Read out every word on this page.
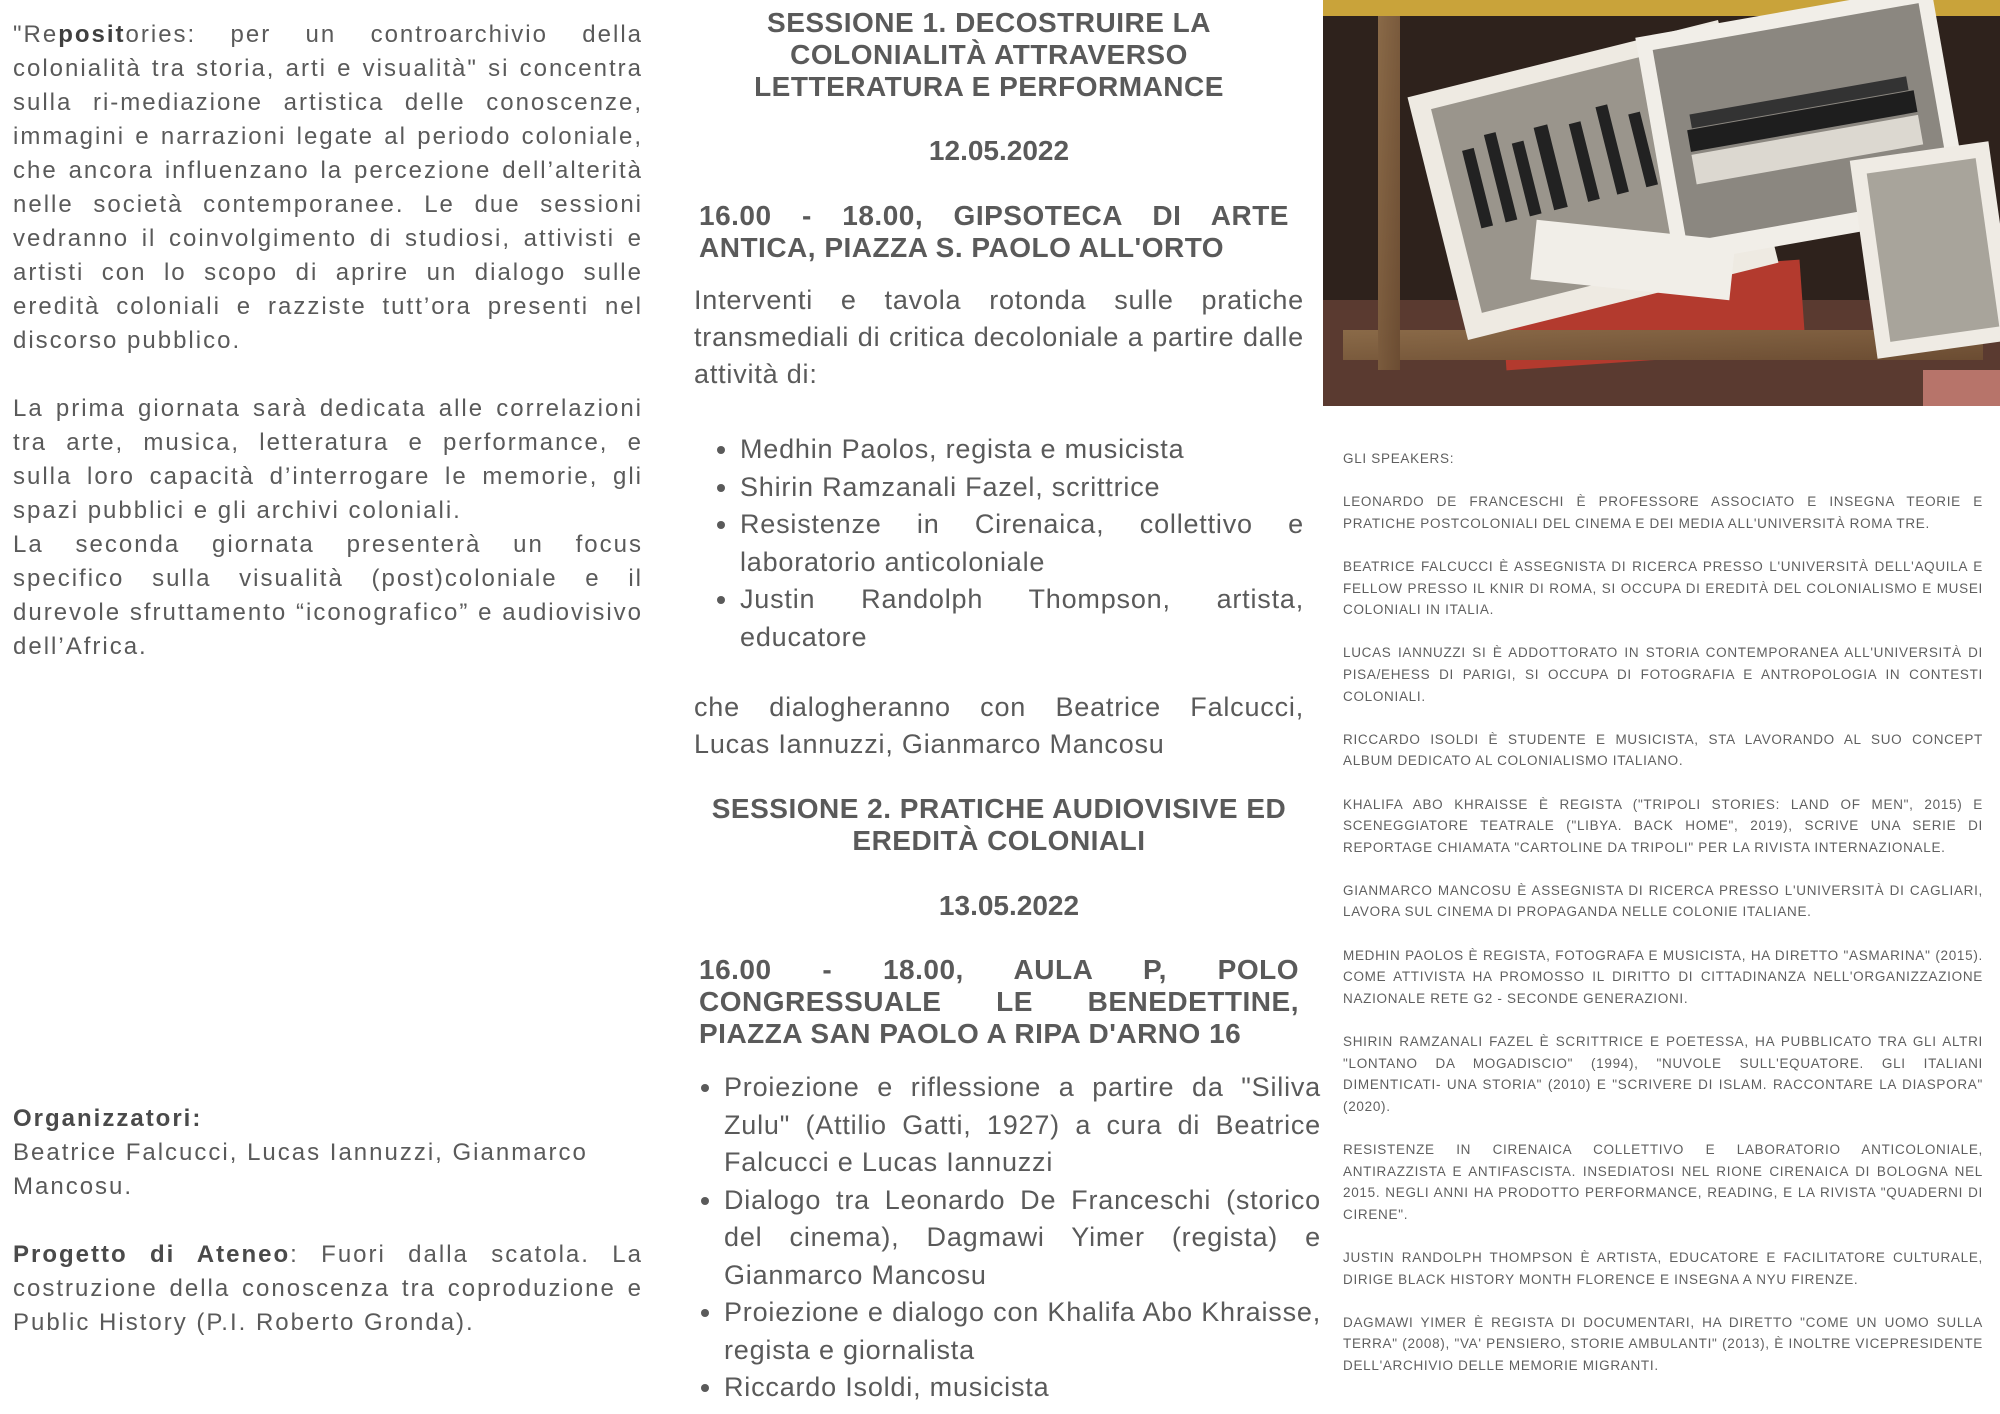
"Repositories: per un controarchivio della colonialità tra storia, arti e visualità" si concentra sulla ri-mediazione artistica delle conoscenze, immagini e narrazioni legate al periodo coloniale, che ancora influenzano la percezione dell’alterità nelle società contemporanee. Le due sessioni vedranno il coinvolgimento di studiosi, attivisti e artisti con lo scopo di aprire un dialogo sulle eredità coloniali e razziste tutt’ora presenti nel discorso pubblico.

La prima giornata sarà dedicata alle correlazioni tra arte, musica, letteratura e performance, e sulla loro capacità d’interrogare le memorie, gli spazi pubblici e gli archivi coloniali.

La seconda giornata presenterà un focus specifico sulla visualità (post)coloniale e il durevole sfruttamento “iconografico” e audiovisivo dell’Africa.

Organizzatori:
Beatrice Falcucci, Lucas Iannuzzi, Gianmarco Mancosu.
Progetto di Ateneo: Fuori dalla scatola. La costruzione della conoscenza tra coproduzione e Public History (P.I. Roberto Gronda).

SESSIONE 1. DECOSTRUIRE LA COLONIALITÀ ATTRAVERSO LETTERATURA E PERFORMANCE

12.05.2022

16.00 - 18.00, GIPSOTECA DI ARTE ANTICA, PIAZZA S. PAOLO ALL'ORTO

Interventi e tavola rotonda sulle pratiche transmediali di critica decoloniale a partire dalle attività di:

• Medhin Paolos, regista e musicista
• Shirin Ramzanali Fazel, scrittrice
• Resistenze in Cirenaica, collettivo e laboratorio anticoloniale
• Justin Randolph Thompson, artista, educatore

che dialogheranno con Beatrice Falcucci, Lucas Iannuzzi, Gianmarco Mancosu

SESSIONE 2. PRATICHE AUDIOVISIVE ED EREDITÀ COLONIALI

13.05.2022

16.00 - 18.00, AULA P, POLO CONGRESSUALE LE BENEDETTINE, PIAZZA SAN PAOLO A RIPA D'ARNO 16

• Proiezione e riflessione a partire da "Siliva Zulu" (Attilio Gatti, 1927) a cura di Beatrice Falcucci e Lucas Iannuzzi
• Dialogo tra Leonardo De Franceschi (storico del cinema), Dagmawi Yimer (regista) e Gianmarco Mancosu
• Proiezione e dialogo con Khalifa Abo Khraisse, regista e giornalista
• Riccardo Isoldi, musicista

GLI SPEAKERS:

LEONARDO DE FRANCESCHI È PROFESSORE ASSOCIATO E INSEGNA TEORIE E PRATICHE POSTCOLONIALI DEL CINEMA E DEI MEDIA ALL'UNIVERSITÀ ROMA TRE.

BEATRICE FALCUCCI È ASSEGNISTA DI RICERCA PRESSO L'UNIVERSITÀ DELL'AQUILA E FELLOW PRESSO IL KNIR DI ROMA, SI OCCUPA DI EREDITÀ DEL COLONIALISMO E MUSEI COLONIALI IN ITALIA.

LUCAS IANNUZZI SI È ADDOTTORATO IN STORIA CONTEMPORANEA ALL'UNIVERSITÀ DI PISA/EHESS DI PARIGI, SI OCCUPA DI FOTOGRAFIA E ANTROPOLOGIA IN CONTESTI COLONIALI.

RICCARDO ISOLDI È STUDENTE E MUSICISTA, STA LAVORANDO AL SUO CONCEPT ALBUM DEDICATO AL COLONIALISMO ITALIANO.

KHALIFA ABO KHRAISSE È REGISTA ("TRIPOLI STORIES: LAND OF MEN", 2015) E SCENEGGIATORE TEATRALE ("LIBYA. BACK HOME", 2019), SCRIVE UNA SERIE DI REPORTAGE CHIAMATA "CARTOLINE DA TRIPOLI" PER LA RIVISTA INTERNAZIONALE.

GIANMARCO MANCOSU È ASSEGNISTA DI RICERCA PRESSO L'UNIVERSITÀ DI CAGLIARI, LAVORA SUL CINEMA DI PROPAGANDA NELLE COLONIE ITALIANE.

MEDHIN PAOLOS È REGISTA, FOTOGRAFA E MUSICISTA, HA DIRETTO "ASMARINA" (2015). COME ATTIVISTA HA PROMOSSO IL DIRITTO DI CITTADINANZA NELL'ORGANIZZAZIONE NAZIONALE RETE G2 - SECONDE GENERAZIONI.

SHIRIN RAMZANALI FAZEL È SCRITTRICE E POETESSA, HA PUBBLICATO TRA GLI ALTRI "LONTANO DA MOGADISCIO" (1994), "NUVOLE SULL'EQUATORE. GLI ITALIANI DIMENTICATI- UNA STORIA" (2010) E "SCRIVERE DI ISLAM. RACCONTARE LA DIASPORA" (2020).

RESISTENZE IN CIRENAICA COLLETTIVO E LABORATORIO ANTICOLONIALE, ANTIRAZZISTA E ANTIFASCISTA. INSEDIATOSI NEL RIONE CIRENAICA DI BOLOGNA NEL 2015. NEGLI ANNI HA PRODOTTO PERFORMANCE, READING, E LA RIVISTA "QUADERNI DI CIRENE".

JUSTIN RANDOLPH THOMPSON È ARTISTA, EDUCATORE E FACILITATORE CULTURALE, DIRIGE BLACK HISTORY MONTH FLORENCE E INSEGNA A NYU FIRENZE.

DAGMAWI YIMER È REGISTA DI DOCUMENTARI, HA DIRETTO "COME UN UOMO SULLA TERRA" (2008), "VA' PENSIERO, STORIE AMBULANTI" (2013), È INOLTRE VICEPRESIDENTE DELL'ARCHIVIO DELLE MEMORIE MIGRANTI.
